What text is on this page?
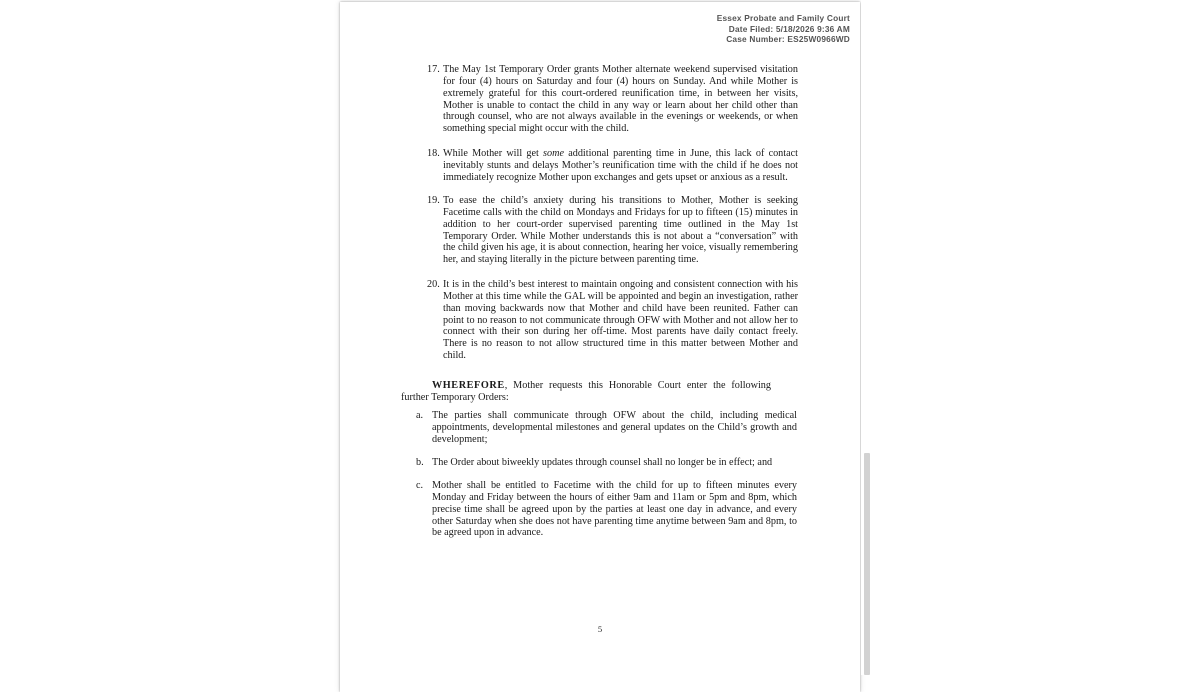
Essex Probate and Family Court
Date Filed: 5/18/2026 9:36 AM
Case Number: ES25W0966WD
17. The May 1st Temporary Order grants Mother alternate weekend supervised visitation for four (4) hours on Saturday and four (4) hours on Sunday. And while Mother is extremely grateful for this court-ordered reunification time, in between her visits, Mother is unable to contact the child in any way or learn about her child other than through counsel, who are not always available in the evenings or weekends, or when something special might occur with the child.
18. While Mother will get some additional parenting time in June, this lack of contact inevitably stunts and delays Mother’s reunification time with the child if he does not immediately recognize Mother upon exchanges and gets upset or anxious as a result.
19. To ease the child’s anxiety during his transitions to Mother, Mother is seeking Facetime calls with the child on Mondays and Fridays for up to fifteen (15) minutes in addition to her court-order supervised parenting time outlined in the May 1st Temporary Order. While Mother understands this is not about a “conversation” with the child given his age, it is about connection, hearing her voice, visually remembering her, and staying literally in the picture between parenting time.
20. It is in the child’s best interest to maintain ongoing and consistent connection with his Mother at this time while the GAL will be appointed and begin an investigation, rather than moving backwards now that Mother and child have been reunited. Father can point to no reason to not communicate through OFW with Mother and not allow her to connect with their son during her off-time. Most parents have daily contact freely. There is no reason to not allow structured time in this matter between Mother and child.
WHEREFORE, Mother requests this Honorable Court enter the following further Temporary Orders:
a. The parties shall communicate through OFW about the child, including medical appointments, developmental milestones and general updates on the Child’s growth and development;
b. The Order about biweekly updates through counsel shall no longer be in effect; and
c. Mother shall be entitled to Facetime with the child for up to fifteen minutes every Monday and Friday between the hours of either 9am and 11am or 5pm and 8pm, which precise time shall be agreed upon by the parties at least one day in advance, and every other Saturday when she does not have parenting time anytime between 9am and 8pm, to be agreed upon in advance.
5
